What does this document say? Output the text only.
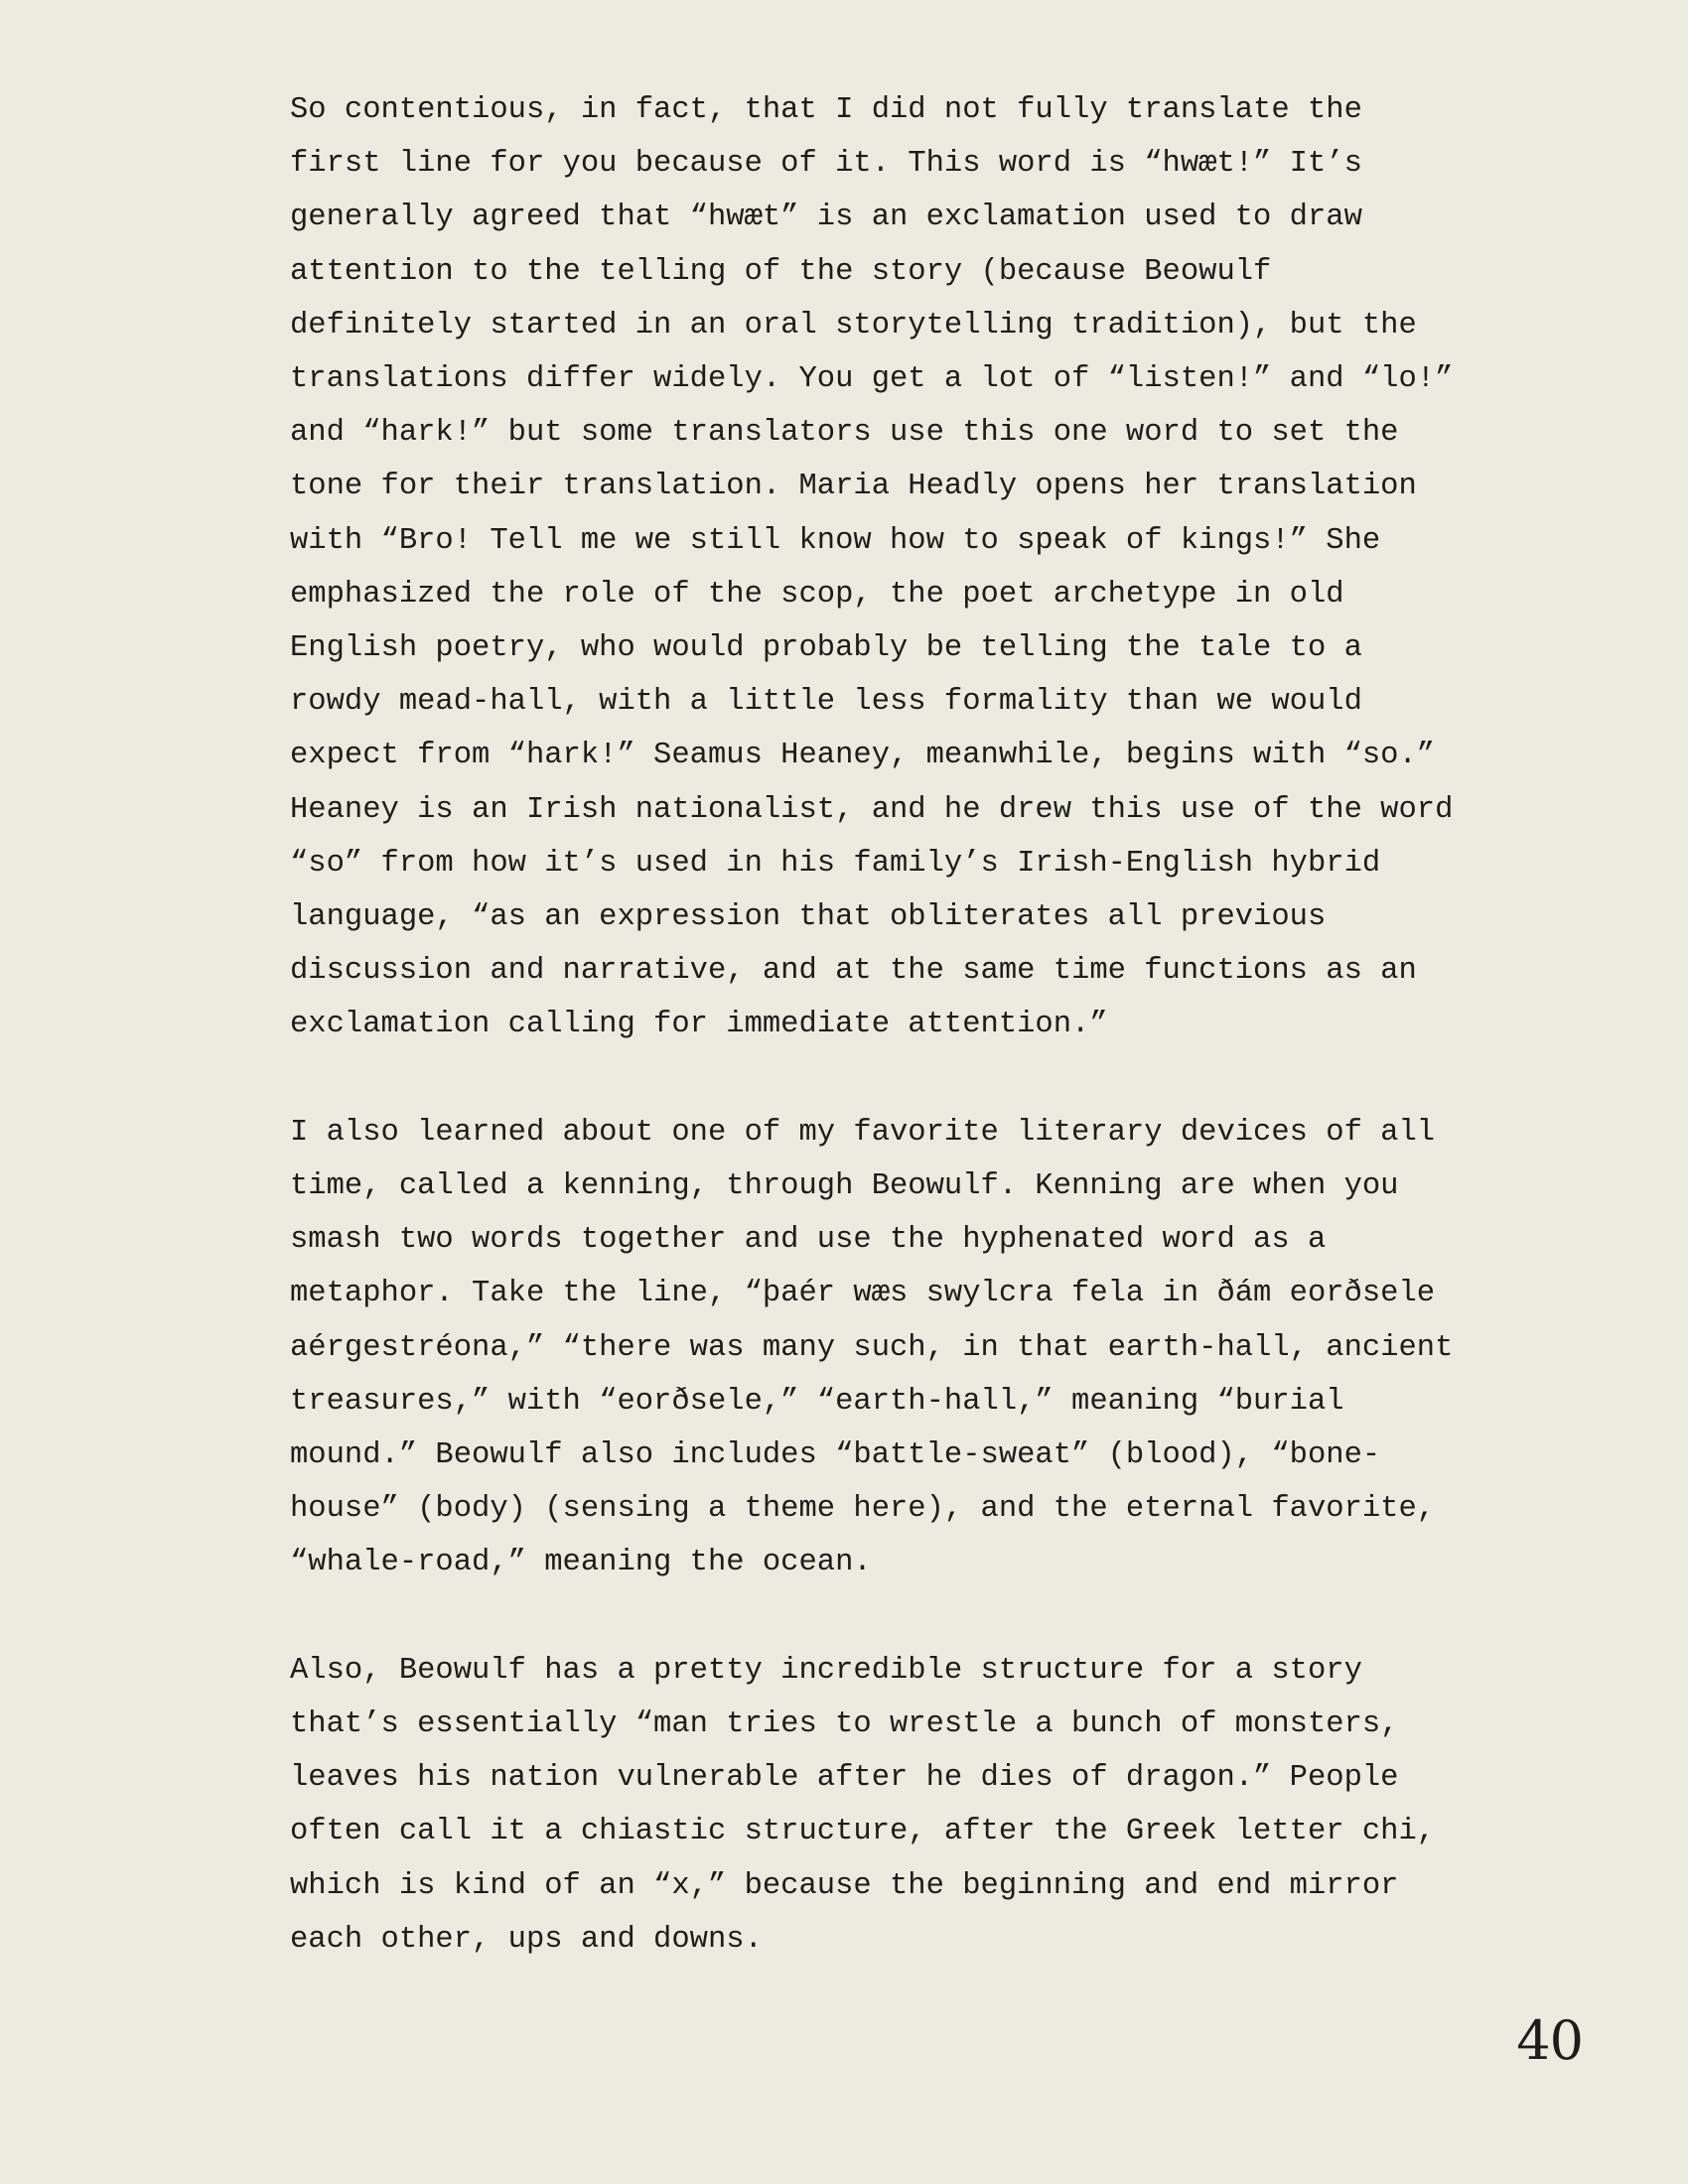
So contentious, in fact, that I did not fully translate the
first line for you because of it. This word is “hwæt!” It’s
generally agreed that “hwæt” is an exclamation used to draw
attention to the telling of the story (because Beowulf
definitely started in an oral storytelling tradition), but the
translations differ widely. You get a lot of “listen!” and “lo!”
and “hark!” but some translators use this one word to set the
tone for their translation. Maria Headly opens her translation
with “Bro! Tell me we still know how to speak of kings!” She
emphasized the role of the scop, the poet archetype in old
English poetry, who would probably be telling the tale to a
rowdy mead-hall, with a little less formality than we would
expect from “hark!” Seamus Heaney, meanwhile, begins with “so.”
Heaney is an Irish nationalist, and he drew this use of the word
“so” from how it’s used in his family’s Irish-English hybrid
language, “as an expression that obliterates all previous
discussion and narrative, and at the same time functions as an
exclamation calling for immediate attention.”

I also learned about one of my favorite literary devices of all
time, called a kenning, through Beowulf. Kenning are when you
smash two words together and use the hyphenated word as a
metaphor. Take the line, “þaér wæs swylcra fela in ðám eorðsele
aérgestréona,” “there was many such, in that earth-hall, ancient
treasures,” with “eorðsele,” “earth-hall,” meaning “burial
mound.” Beowulf also includes “battle-sweat” (blood), “bone-
house” (body) (sensing a theme here), and the eternal favorite,
“whale-road,” meaning the ocean.

Also, Beowulf has a pretty incredible structure for a story
that’s essentially “man tries to wrestle a bunch of monsters,
leaves his nation vulnerable after he dies of dragon.” People
often call it a chiastic structure, after the Greek letter chi,
which is kind of an “x,” because the beginning and end mirror
each other, ups and downs.

40
